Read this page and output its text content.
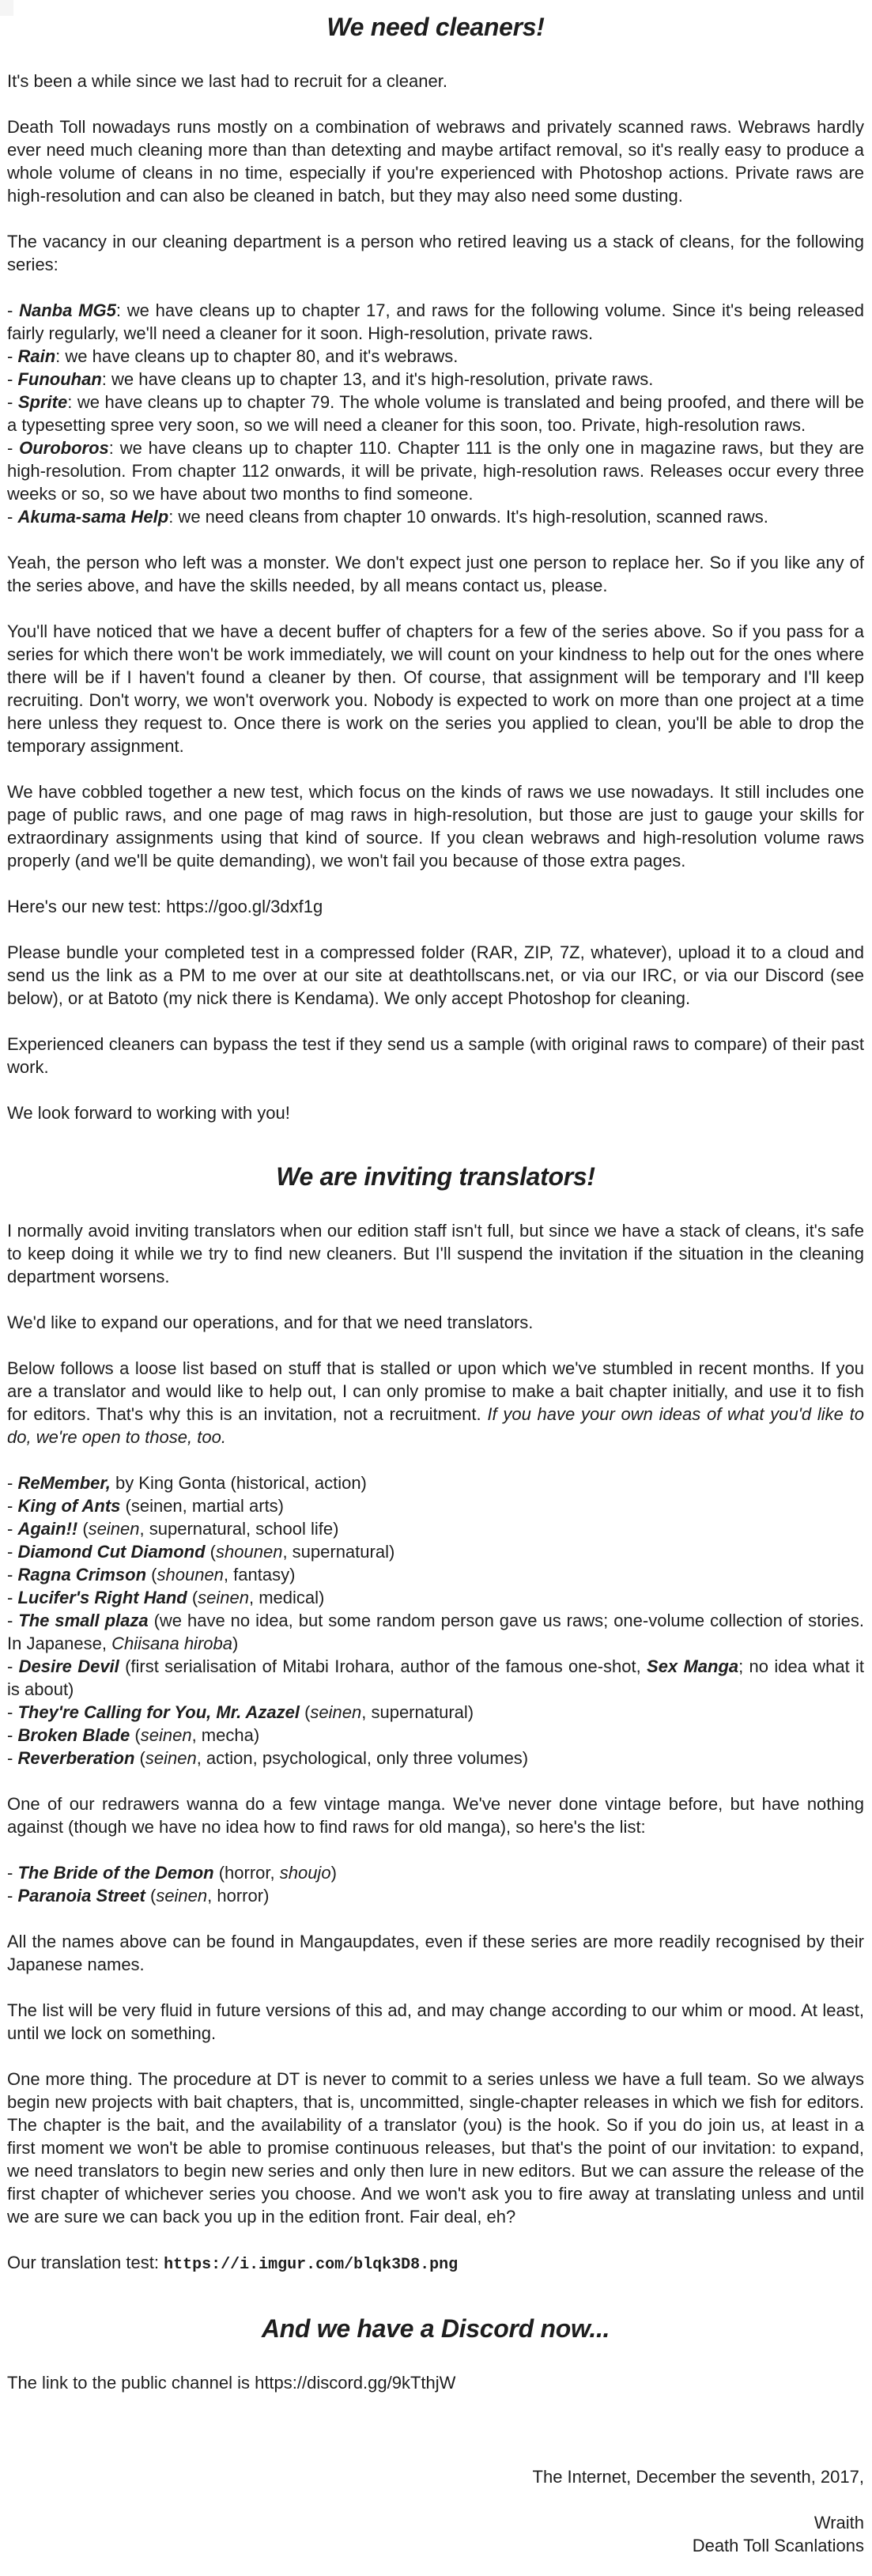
We need cleaners!

It's been a while since we last had to recruit for a cleaner.

Death Toll nowadays runs mostly on a combination of webraws and privately scanned raws. Webraws hardly ever need much cleaning more than than detexting and maybe artifact removal, so it's really easy to produce a whole volume of cleans in no time, especially if you're experienced with Photoshop actions. Private raws are high-resolution and can also be cleaned in batch, but they may also need some dusting.

The vacancy in our cleaning department is a person who retired leaving us a stack of cleans, for the following series:

- Nanba MG5: we have cleans up to chapter 17, and raws for the following volume. Since it's being released fairly regularly, we'll need a cleaner for it soon. High-resolution, private raws.
- Rain: we have cleans up to chapter 80, and it's webraws.
- Funouhan: we have cleans up to chapter 13, and it's high-resolution, private raws.
- Sprite: we have cleans up to chapter 79. The whole volume is translated and being proofed, and there will be a typesetting spree very soon, so we will need a cleaner for this soon, too. Private, high-resolution raws.
- Ouroboros: we have cleans up to chapter 110. Chapter 111 is the only one in magazine raws, but they are high-resolution. From chapter 112 onwards, it will be private, high-resolution raws. Releases occur every three weeks or so, so we have about two months to find someone.
- Akuma-sama Help: we need cleans from chapter 10 onwards. It's high-resolution, scanned raws.

Yeah, the person who left was a monster. We don't expect just one person to replace her. So if you like any of the series above, and have the skills needed, by all means contact us, please.

You'll have noticed that we have a decent buffer of chapters for a few of the series above. So if you pass for a series for which there won't be work immediately, we will count on your kindness to help out for the ones where there will be if I haven't found a cleaner by then. Of course, that assignment will be temporary and I'll keep recruiting. Don't worry, we won't overwork you. Nobody is expected to work on more than one project at a time here unless they request to. Once there is work on the series you applied to clean, you'll be able to drop the temporary assignment.

We have cobbled together a new test, which focus on the kinds of raws we use nowadays. It still includes one page of public raws, and one page of mag raws in high-resolution, but those are just to gauge your skills for extraordinary assignments using that kind of source. If you clean webraws and high-resolution volume raws properly (and we'll be quite demanding), we won't fail you because of those extra pages.

Here's our new test: https://goo.gl/3dxf1g

Please bundle your completed test in a compressed folder (RAR, ZIP, 7Z, whatever), upload it to a cloud and send us the link as a PM to me over at our site at deathtollscans.net, or via our IRC, or via our Discord (see below), or at Batoto (my nick there is Kendama). We only accept Photoshop for cleaning.

Experienced cleaners can bypass the test if they send us a sample (with original raws to compare) of their past work.

We look forward to working with you!

We are inviting translators!

I normally avoid inviting translators when our edition staff isn't full, but since we have a stack of cleans, it's safe to keep doing it while we try to find new cleaners. But I'll suspend the invitation if the situation in the cleaning department worsens.

We'd like to expand our operations, and for that we need translators.

Below follows a loose list based on stuff that is stalled or upon which we've stumbled in recent months. If you are a translator and would like to help out, I can only promise to make a bait chapter initially, and use it to fish for editors. That's why this is an invitation, not a recruitment. If you have your own ideas of what you'd like to do, we're open to those, too.

- ReMember, by King Gonta (historical, action)
- King of Ants (seinen, martial arts)
- Again!! (seinen, supernatural, school life)
- Diamond Cut Diamond (shounen, supernatural)
- Ragna Crimson (shounen, fantasy)
- Lucifer's Right Hand (seinen, medical)
- The small plaza (we have no idea, but some random person gave us raws; one-volume collection of stories. In Japanese, Chiisana hiroba)
- Desire Devil (first serialisation of Mitabi Irohara, author of the famous one-shot, Sex Manga; no idea what it is about)
- They're Calling for You, Mr. Azazel (seinen, supernatural)
- Broken Blade (seinen, mecha)
- Reverberation (seinen, action, psychological, only three volumes)

One of our redrawers wanna do a few vintage manga. We've never done vintage before, but have nothing against (though we have no idea how to find raws for old manga), so here's the list:

- The Bride of the Demon (horror, shoujo)
- Paranoia Street (seinen, horror)

All the names above can be found in Mangaupdates, even if these series are more readily recognised by their Japanese names.

The list will be very fluid in future versions of this ad, and may change according to our whim or mood. At least, until we lock on something.

One more thing. The procedure at DT is never to commit to a series unless we have a full team. So we always begin new projects with bait chapters, that is, uncommitted, single-chapter releases in which we fish for editors. The chapter is the bait, and the availability of a translator (you) is the hook. So if you do join us, at least in a first moment we won't be able to promise continuous releases, but that's the point of our invitation: to expand, we need translators to begin new series and only then lure in new editors. But we can assure the release of the first chapter of whichever series you choose. And we won't ask you to fire away at translating unless and until we are sure we can back you up in the edition front. Fair deal, eh?

Our translation test: https://i.imgur.com/blqk3D8.png

And we have a Discord now...

The link to the public channel is https://discord.gg/9kTthjW

The Internet, December the seventh, 2017,

Wraith

Death Toll Scanlations
